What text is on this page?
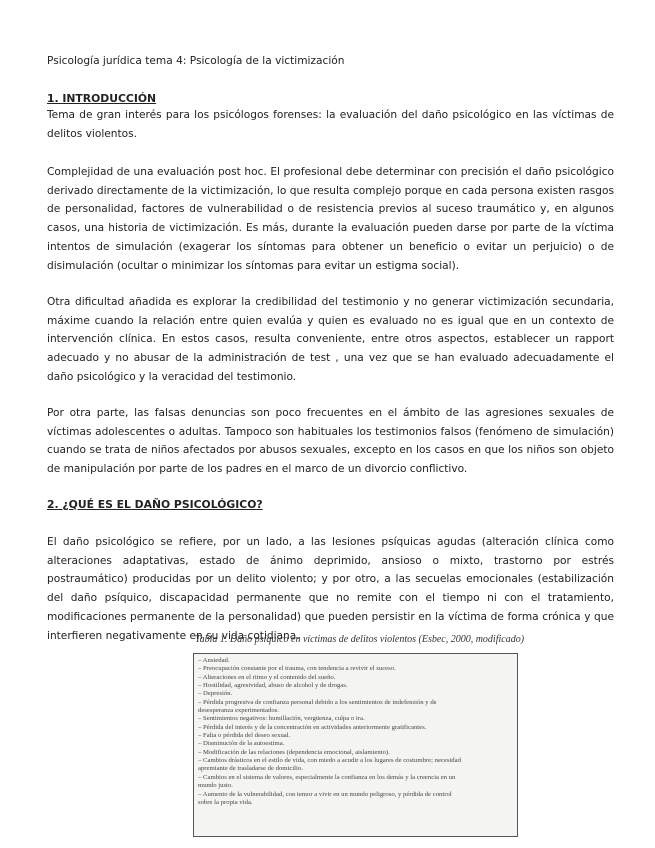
Psicología jurídica tema 4: Psicología de la victimización
1. INTRODUCCIÓN

Tema de gran interés para los psicólogos forenses: la evaluación del daño psicológico en las víctimas de delitos violentos.

Complejidad de una evaluación post hoc. El profesional debe determinar con precisión el daño psicológico derivado directamente de la victimización, lo que resulta complejo porque en cada persona existen rasgos de personalidad, factores de vulnerabilidad o de resistencia previos al suceso traumático y, en algunos casos, una historia de victimización. Es más, durante la evaluación pueden darse por parte de la víctima intentos de simulación (exagerar los síntomas para obtener un beneficio o evitar un perjuicio) o de disimulación (ocultar o minimizar los síntomas para evitar un estigma social).

Otra dificultad añadida es explorar la credibilidad del testimonio y no generar victimización secundaria, máxime cuando la relación entre quien evalúa y quien es evaluado no es igual que en un contexto de intervención clínica. En estos casos, resulta conveniente, entre otros aspectos, establecer un rapport adecuado y no abusar de la administración de test , una vez que se han evaluado adecuadamente el daño psicológico y la veracidad del testimonio.

Por otra parte, las falsas denuncias son poco frecuentes en el ámbito de las agresiones sexuales de víctimas adolescentes o adultas. Tampoco son habituales los testimonios falsos (fenómeno de simulación) cuando se trata de niños afectados por abusos sexuales, excepto en los casos en que los niños son objeto de manipulación por parte de los padres en el marco de un divorcio conflictivo.

2. ¿QUÉ ES EL DAÑO PSICOLÓGICO?

El daño psicológico se refiere, por un lado, a las lesiones psíquicas agudas (alteración clínica como alteraciones adaptativas, estado de ánimo deprimido, ansioso o mixto, trastorno por estrés postraumático) producidas por un delito violento; y por otro, a las secuelas emocionales (estabilización del daño psíquico, discapacidad permanente que no remite con el tiempo ni con el tratamiento, modificaciones permanente de la personalidad) que pueden persistir en la víctima de forma crónica y que interfieren negativamente en su vida cotidiana.

Tabla 1. Daño psíquico en víctimas de delitos violentos (Esbec, 2000, modificado)
– Ansiedad.
– Preocupación constante por el trauma, con tendencia a revivir el suceso.
– Alteraciones en el ritmo y el contenido del sueño.
– Hostilidad, agresividad, abuso de alcohol y de drogas.
– Depresión.
– Pérdida progresiva de confianza personal debido a los sentimientos de indefensión y de
desesperanza experimentados.
– Sentimientos negativos: humillación, vergüenza, culpa o ira.
– Pérdida del interés y de la concentración en actividades anteriormente gratificantes.
– Falta o pérdida del deseo sexual.
– Disminución de la autoestima.
– Modificación de las relaciones (dependencia emocional, aislamiento).
– Cambios drásticos en el estilo de vida, con miedo a acudir a los lugares de costumbre; necesidad
apremiante de trasladarse de domicilio.
– Cambios en el sistema de valores, especialmente la confianza en los demás y la creencia en un
mundo justo.
– Aumento de la vulnerabilidad, con temor a vivir en un mundo peligroso, y pérdida de control
sobre la propia vida.
